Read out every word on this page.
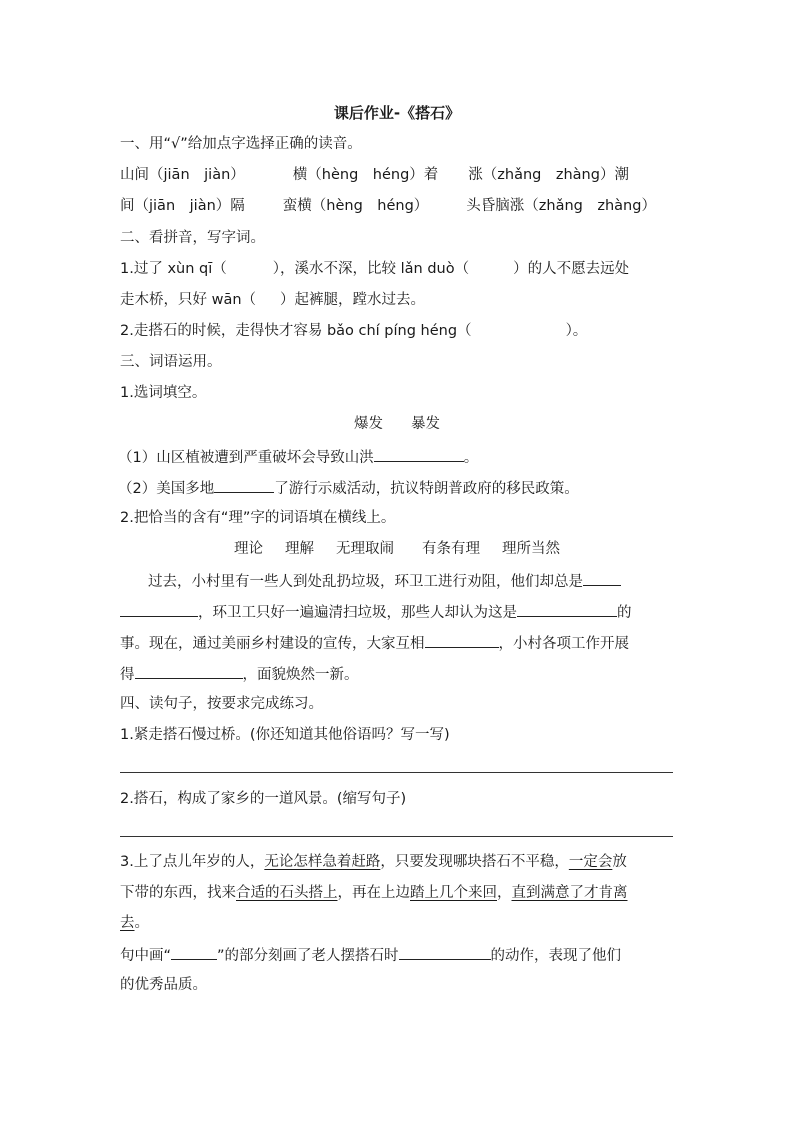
课后作业-《搭石》
一、用“√”给加点字选择正确的读音。
山间（jiān　jiàn）	横（hèng　héng）着 涨（zhǎng　zhàng）潮
间（jiān　jiàn）隔	蛮横（hèng　héng）	头昏脑涨（zhǎng　zhàng）
二、看拼音，写字词。
1.过了 xùn qī（	），溪水不深，比较 lǎn duò（	）的人不愿去远处
走木桥，只好 wān（ ）起裤腿，蹚水过去。
2.走搭石的时候，走得快才容易 bǎo chí píng héng（	）。
三、词语运用。
1.选词填空。
爆发 暴发
（1）山区植被遭到严重破坏会导致山洪	。
（2）美国多地	了游行示威活动，抗议特朗普政府的移民政策。
2.把恰当的含有“理”字的词语填在横线上。
理论 理解 无理取闹 有条有理 理所当然
过去，小村里有一些人到处乱扔垃圾，环卫工进行劝阻，他们却总是
，环卫工只好一遍遍清扫垃圾，那些人却认为这是	的
事。现在，通过美丽乡村建设的宣传，大家互相	，小村各项工作开展
得	，面貌焕然一新。
四、读句子，按要求完成练习。
1.紧走搭石慢过桥。(你还知道其他俗语吗？写一写)
2.搭石，构成了家乡的一道风景。(缩写句子)
3.上了点儿年岁的人，无论怎样急着赶路，只要发现哪块搭石不平稳，一定会放
下带的东西，找来合适的石头搭上，再在上边踏上几个来回，直到满意了才肯离
去。
句中画“	”的部分刻画了老人摆搭石时	的动作，表现了他们
的优秀品质。
